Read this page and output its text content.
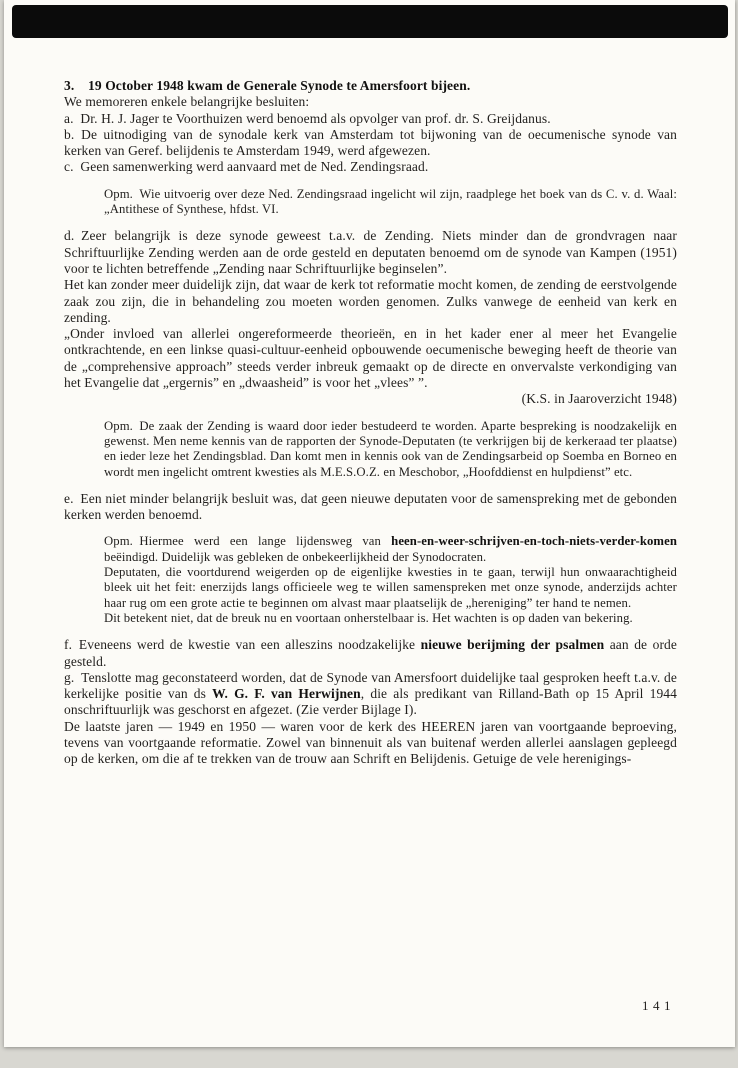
3.  19 October 1948 kwam de Generale Synode te Amersfoort bijeen.

We memoreren enkele belangrijke besluiten:

a. Dr. H. J. Jager te Voorthuizen werd benoemd als opvolger van prof. dr. S. Greijdanus.

b. De uitnodiging van de synodale kerk van Amsterdam tot bijwoning van de oecumenische synode van kerken van Geref. belijdenis te Amsterdam 1949, werd afgewezen.

c. Geen samenwerking werd aanvaard met de Ned. Zendingsraad.

Opm. Wie uitvoerig over deze Ned. Zendingsraad ingelicht wil zijn, raadplege het boek van ds C. v. d. Waal: „Antithese of Synthese, hfdst. VI.

d. Zeer belangrijk is deze synode geweest t.a.v. de Zending. Niets minder dan de grondvragen naar Schriftuurlijke Zending werden aan de orde gesteld en deputaten benoemd om de synode van Kampen (1951) voor te lichten betreffende „Zending naar Schriftuurlijke beginselen”.

Het kan zonder meer duidelijk zijn, dat waar de kerk tot reformatie mocht komen, de zending de eerstvolgende zaak zou zijn, die in behandeling zou moeten worden genomen. Zulks vanwege de eenheid van kerk en zending.

„Onder invloed van allerlei ongereformeerde theorieën, en in het kader ener al meer het Evangelie ontkrachtende, en een linkse quasi-cultuur-eenheid opbouwende oecumenische beweging heeft de theorie van de „comprehensive approach” steeds verder inbreuk gemaakt op de directe en onvervalste verkondiging van het Evangelie dat „ergernis” en „dwaasheid” is voor het „vlees” ”.

(K.S. in Jaaroverzicht 1948)

Opm. De zaak der Zending is waard door ieder bestudeerd te worden. Aparte bespreking is noodzakelijk en gewenst. Men neme kennis van de rapporten der Synode-Deputaten (te verkrijgen bij de kerkeraad ter plaatse) en ieder leze het Zendingsblad. Dan komt men in kennis ook van de Zendingsarbeid op Soemba en Borneo en wordt men ingelicht omtrent kwesties als M.E.S.O.Z. en Meschobor, „Hoofddienst en hulpdienst” etc.

e. Een niet minder belangrijk besluit was, dat geen nieuwe deputaten voor de samenspreking met de gebonden kerken werden benoemd.

Opm. Hiermee werd een lange lijdensweg van heen-en-weer-schrijven-en-toch-niets-verder-komen beëindigd. Duidelijk was gebleken de onbekeerlijkheid der Synodocraten.

Deputaten, die voortdurend weigerden op de eigenlijke kwesties in te gaan, terwijl hun onwaarachtigheid bleek uit het feit: enerzijds langs officieele weg te willen samenspreken met onze synode, anderzijds achter haar rug om een grote actie te beginnen om alvast maar plaatselijk de „hereniging” ter hand te nemen.

Dit betekent niet, dat de breuk nu en voortaan onherstelbaar is. Het wachten is op daden van bekering.

f. Eveneens werd de kwestie van een alleszins noodzakelijke nieuwe berijming der psalmen aan de orde gesteld.

g. Tenslotte mag geconstateerd worden, dat de Synode van Amersfoort duidelijke taal gesproken heeft t.a.v. de kerkelijke positie van ds W. G. F. van Herwijnen, die als predikant van Rilland-Bath op 15 April 1944 onschriftuurlijk was geschorst en afgezet. (Zie verder Bijlage I).

De laatste jaren — 1949 en 1950 — waren voor de kerk des HEEREN jaren van voortgaande beproeving, tevens van voortgaande reformatie. Zowel van binnenuit als van buitenaf werden allerlei aanslagen gepleegd op de kerken, om die af te trekken van de trouw aan Schrift en Belijdenis. Getuige de vele herenigings-

141
